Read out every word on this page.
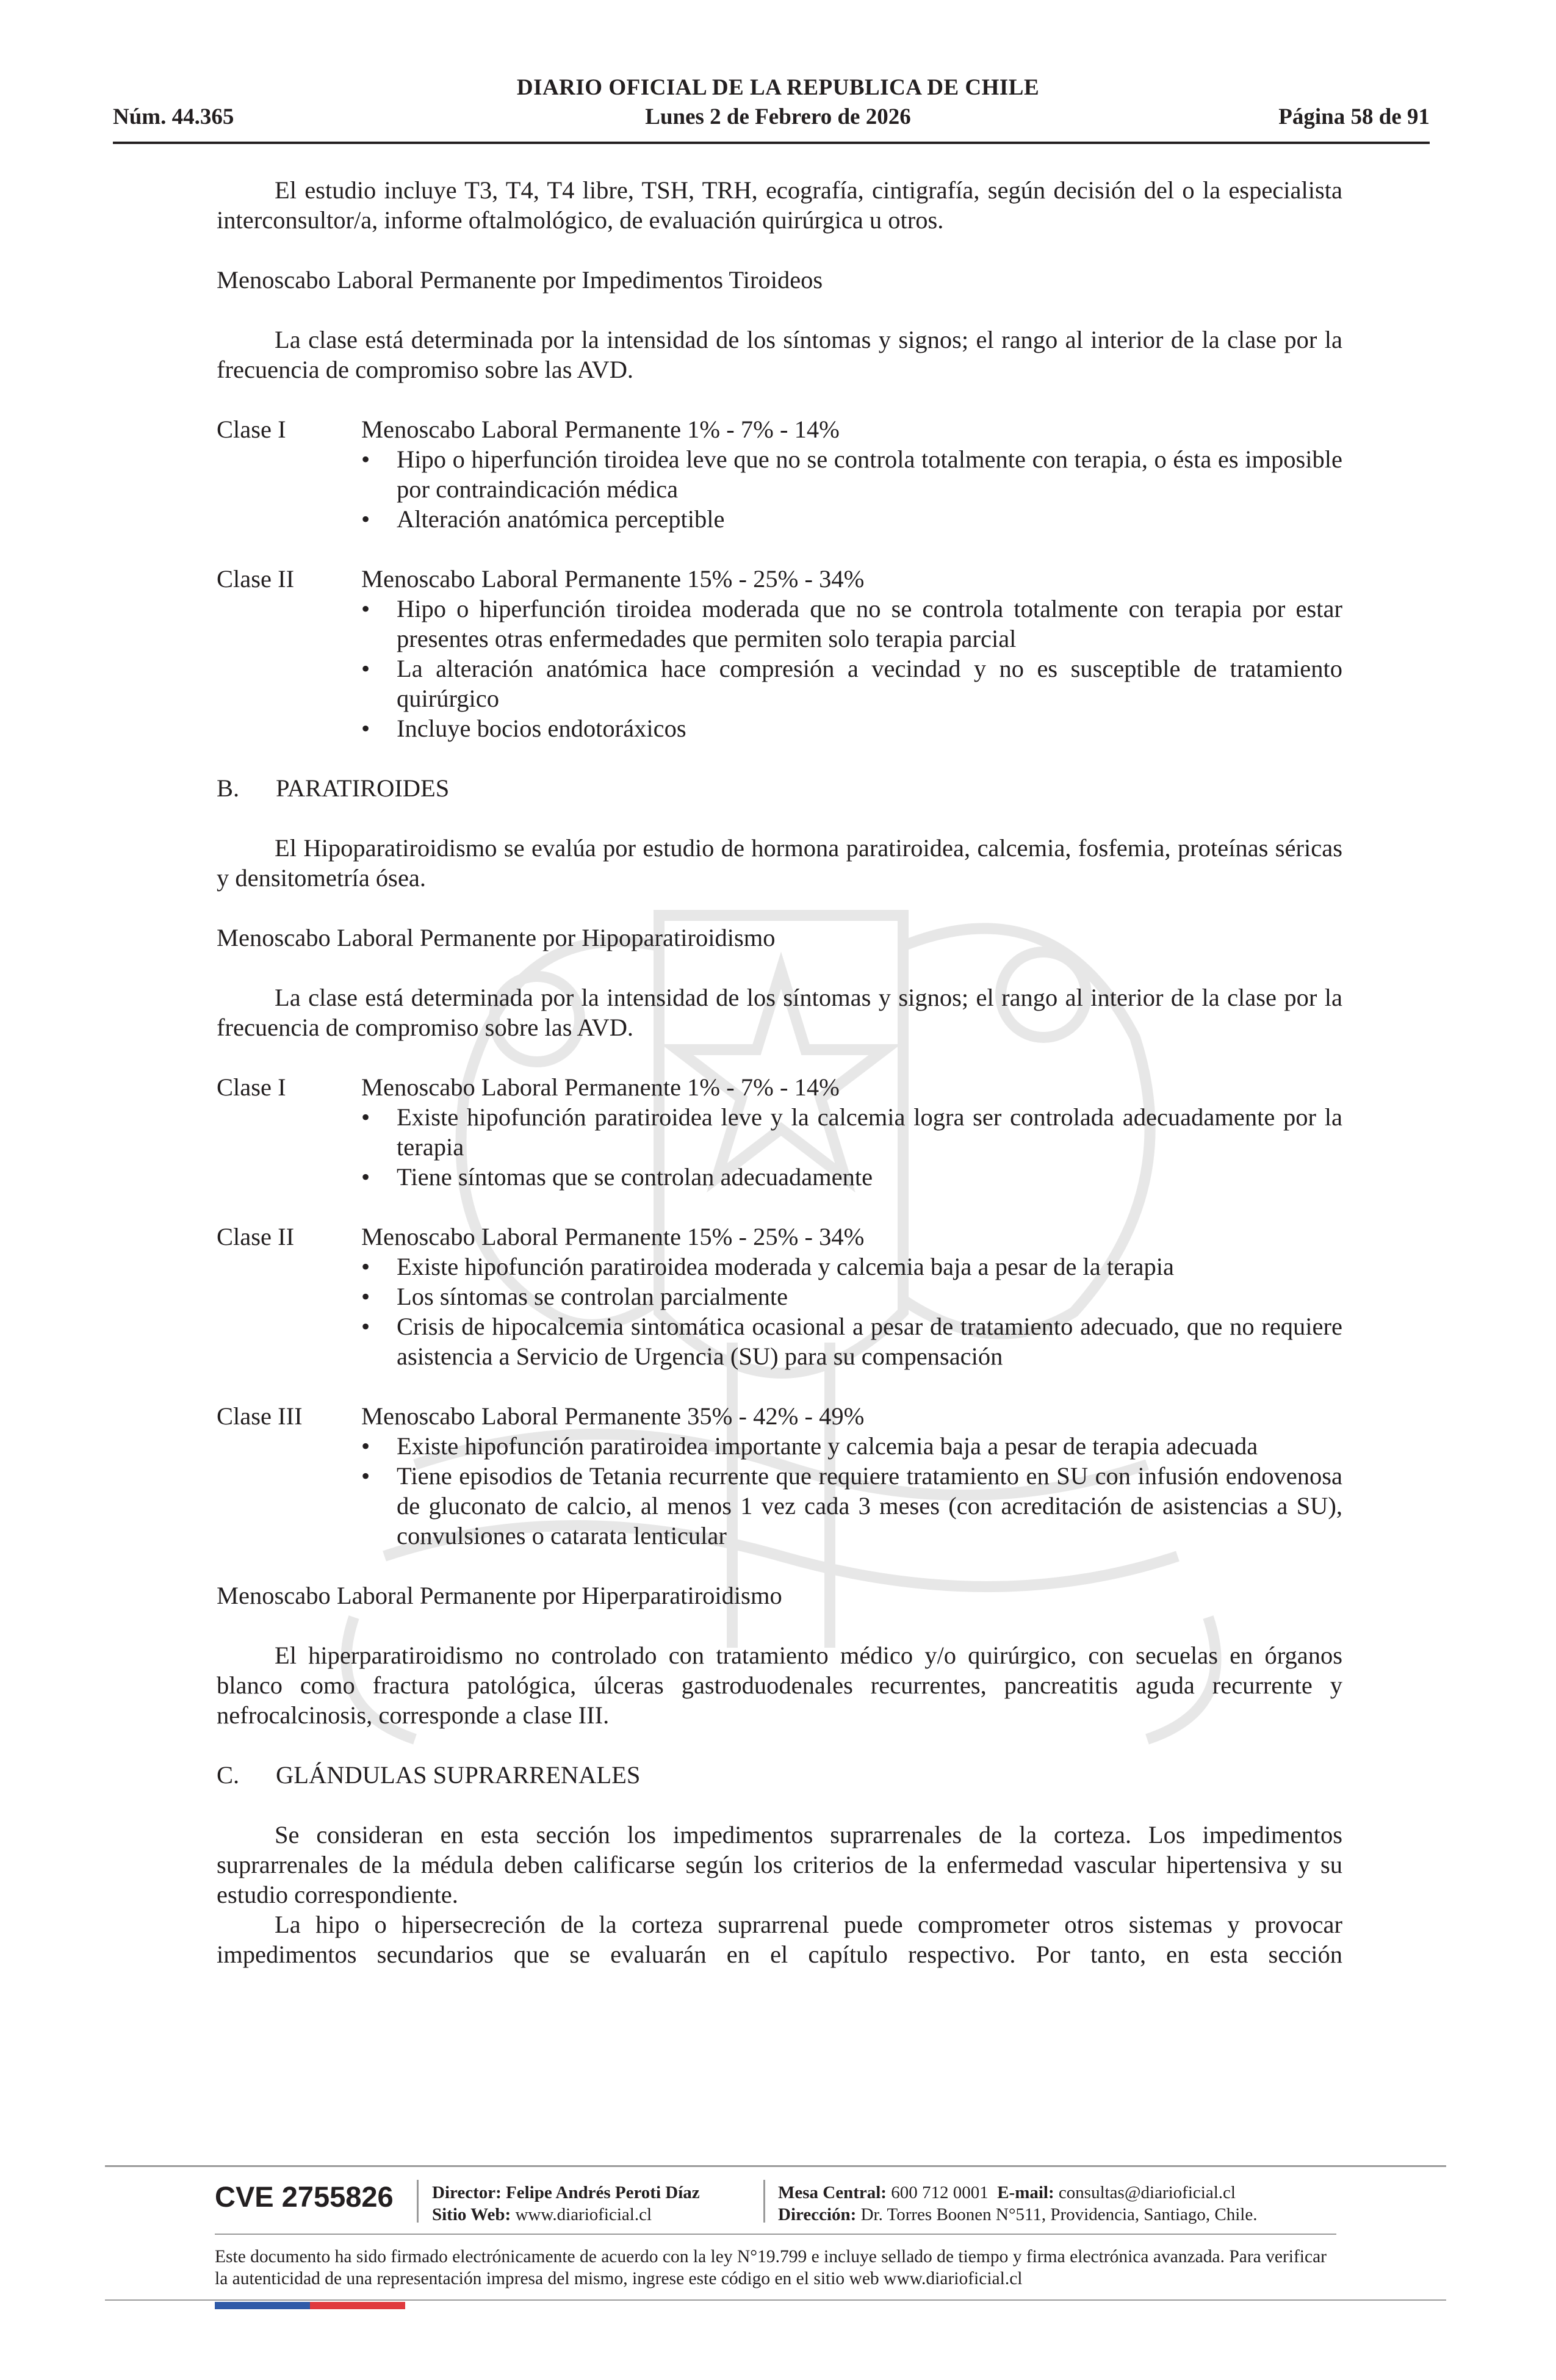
DIARIO OFICIAL DE LA REPUBLICA DE CHILE
Núm. 44.365	Lunes 2 de Febrero de 2026	Página 58 de 91

El estudio incluye T3, T4, T4 libre, TSH, TRH, ecografía, cintigrafía, según decisión del o la especialista interconsultor/a, informe oftalmológico, de evaluación quirúrgica u otros.

Menoscabo Laboral Permanente por Impedimentos Tiroideos

La clase está determinada por la intensidad de los síntomas y signos; el rango al interior de la clase por la frecuencia de compromiso sobre las AVD.

Clase I	Menoscabo Laboral Permanente 1% - 7% - 14%
• Hipo o hiperfunción tiroidea leve que no se controla totalmente con terapia, o ésta es imposible por contraindicación médica
• Alteración anatómica perceptible
Clase II	Menoscabo Laboral Permanente 15% - 25% - 34%
• Hipo o hiperfunción tiroidea moderada que no se controla totalmente con terapia por estar presentes otras enfermedades que permiten solo terapia parcial
• La alteración anatómica hace compresión a vecindad y no es susceptible de tratamiento quirúrgico
• Incluye bocios endotoráxicos
B.	PARATIROIDES

El Hipoparatiroidismo se evalúa por estudio de hormona paratiroidea, calcemia, fosfemia, proteínas séricas y densitometría ósea.

Menoscabo Laboral Permanente por Hipoparatiroidismo

La clase está determinada por la intensidad de los síntomas y signos; el rango al interior de la clase por la frecuencia de compromiso sobre las AVD.

Clase I	Menoscabo Laboral Permanente 1% - 7% - 14%
• Existe hipofunción paratiroidea leve y la calcemia logra ser controlada adecuadamente por la terapia
• Tiene síntomas que se controlan adecuadamente
Clase II	Menoscabo Laboral Permanente 15% - 25% - 34%
• Existe hipofunción paratiroidea moderada y calcemia baja a pesar de la terapia
• Los síntomas se controlan parcialmente
• Crisis de hipocalcemia sintomática ocasional a pesar de tratamiento adecuado, que no requiere asistencia a Servicio de Urgencia (SU) para su compensación
Clase III	Menoscabo Laboral Permanente 35% - 42% - 49%
• Existe hipofunción paratiroidea importante y calcemia baja a pesar de terapia adecuada
• Tiene episodios de Tetania recurrente que requiere tratamiento en SU con infusión endovenosa de gluconato de calcio, al menos 1 vez cada 3 meses (con acreditación de asistencias a SU), convulsiones o catarata lenticular

Menoscabo Laboral Permanente por Hiperparatiroidismo

El hiperparatiroidismo no controlado con tratamiento médico y/o quirúrgico, con secuelas en órganos blanco como fractura patológica, úlceras gastroduodenales recurrentes, pancreatitis aguda recurrente y nefrocalcinosis, corresponde a clase III.

C.	GLÁNDULAS SUPRARRENALES

Se consideran en esta sección los impedimentos suprarrenales de la corteza. Los impedimentos suprarrenales de la médula deben calificarse según los criterios de la enfermedad vascular hipertensiva y su estudio correspondiente.

La hipo o hipersecreción de la corteza suprarrenal puede comprometer otros sistemas y provocar impedimentos secundarios que se evaluarán en el capítulo respectivo. Por tanto, en esta sección

CVE 2755826 Director: Felipe Andrés Peroti Díaz
Sitio Web: www.diarioficial.cl
Mesa Central: 600 712 0001 E-mail: consultas@diarioficial.cl
Dirección: Dr. Torres Boonen N°511, Providencia, Santiago, Chile.
Este documento ha sido firmado electrónicamente de acuerdo con la ley N°19.799 e incluye sellado de tiempo y firma electrónica avanzada. Para verificar la autenticidad de una representación impresa del mismo, ingrese este código en el sitio web www.diarioficial.cl
